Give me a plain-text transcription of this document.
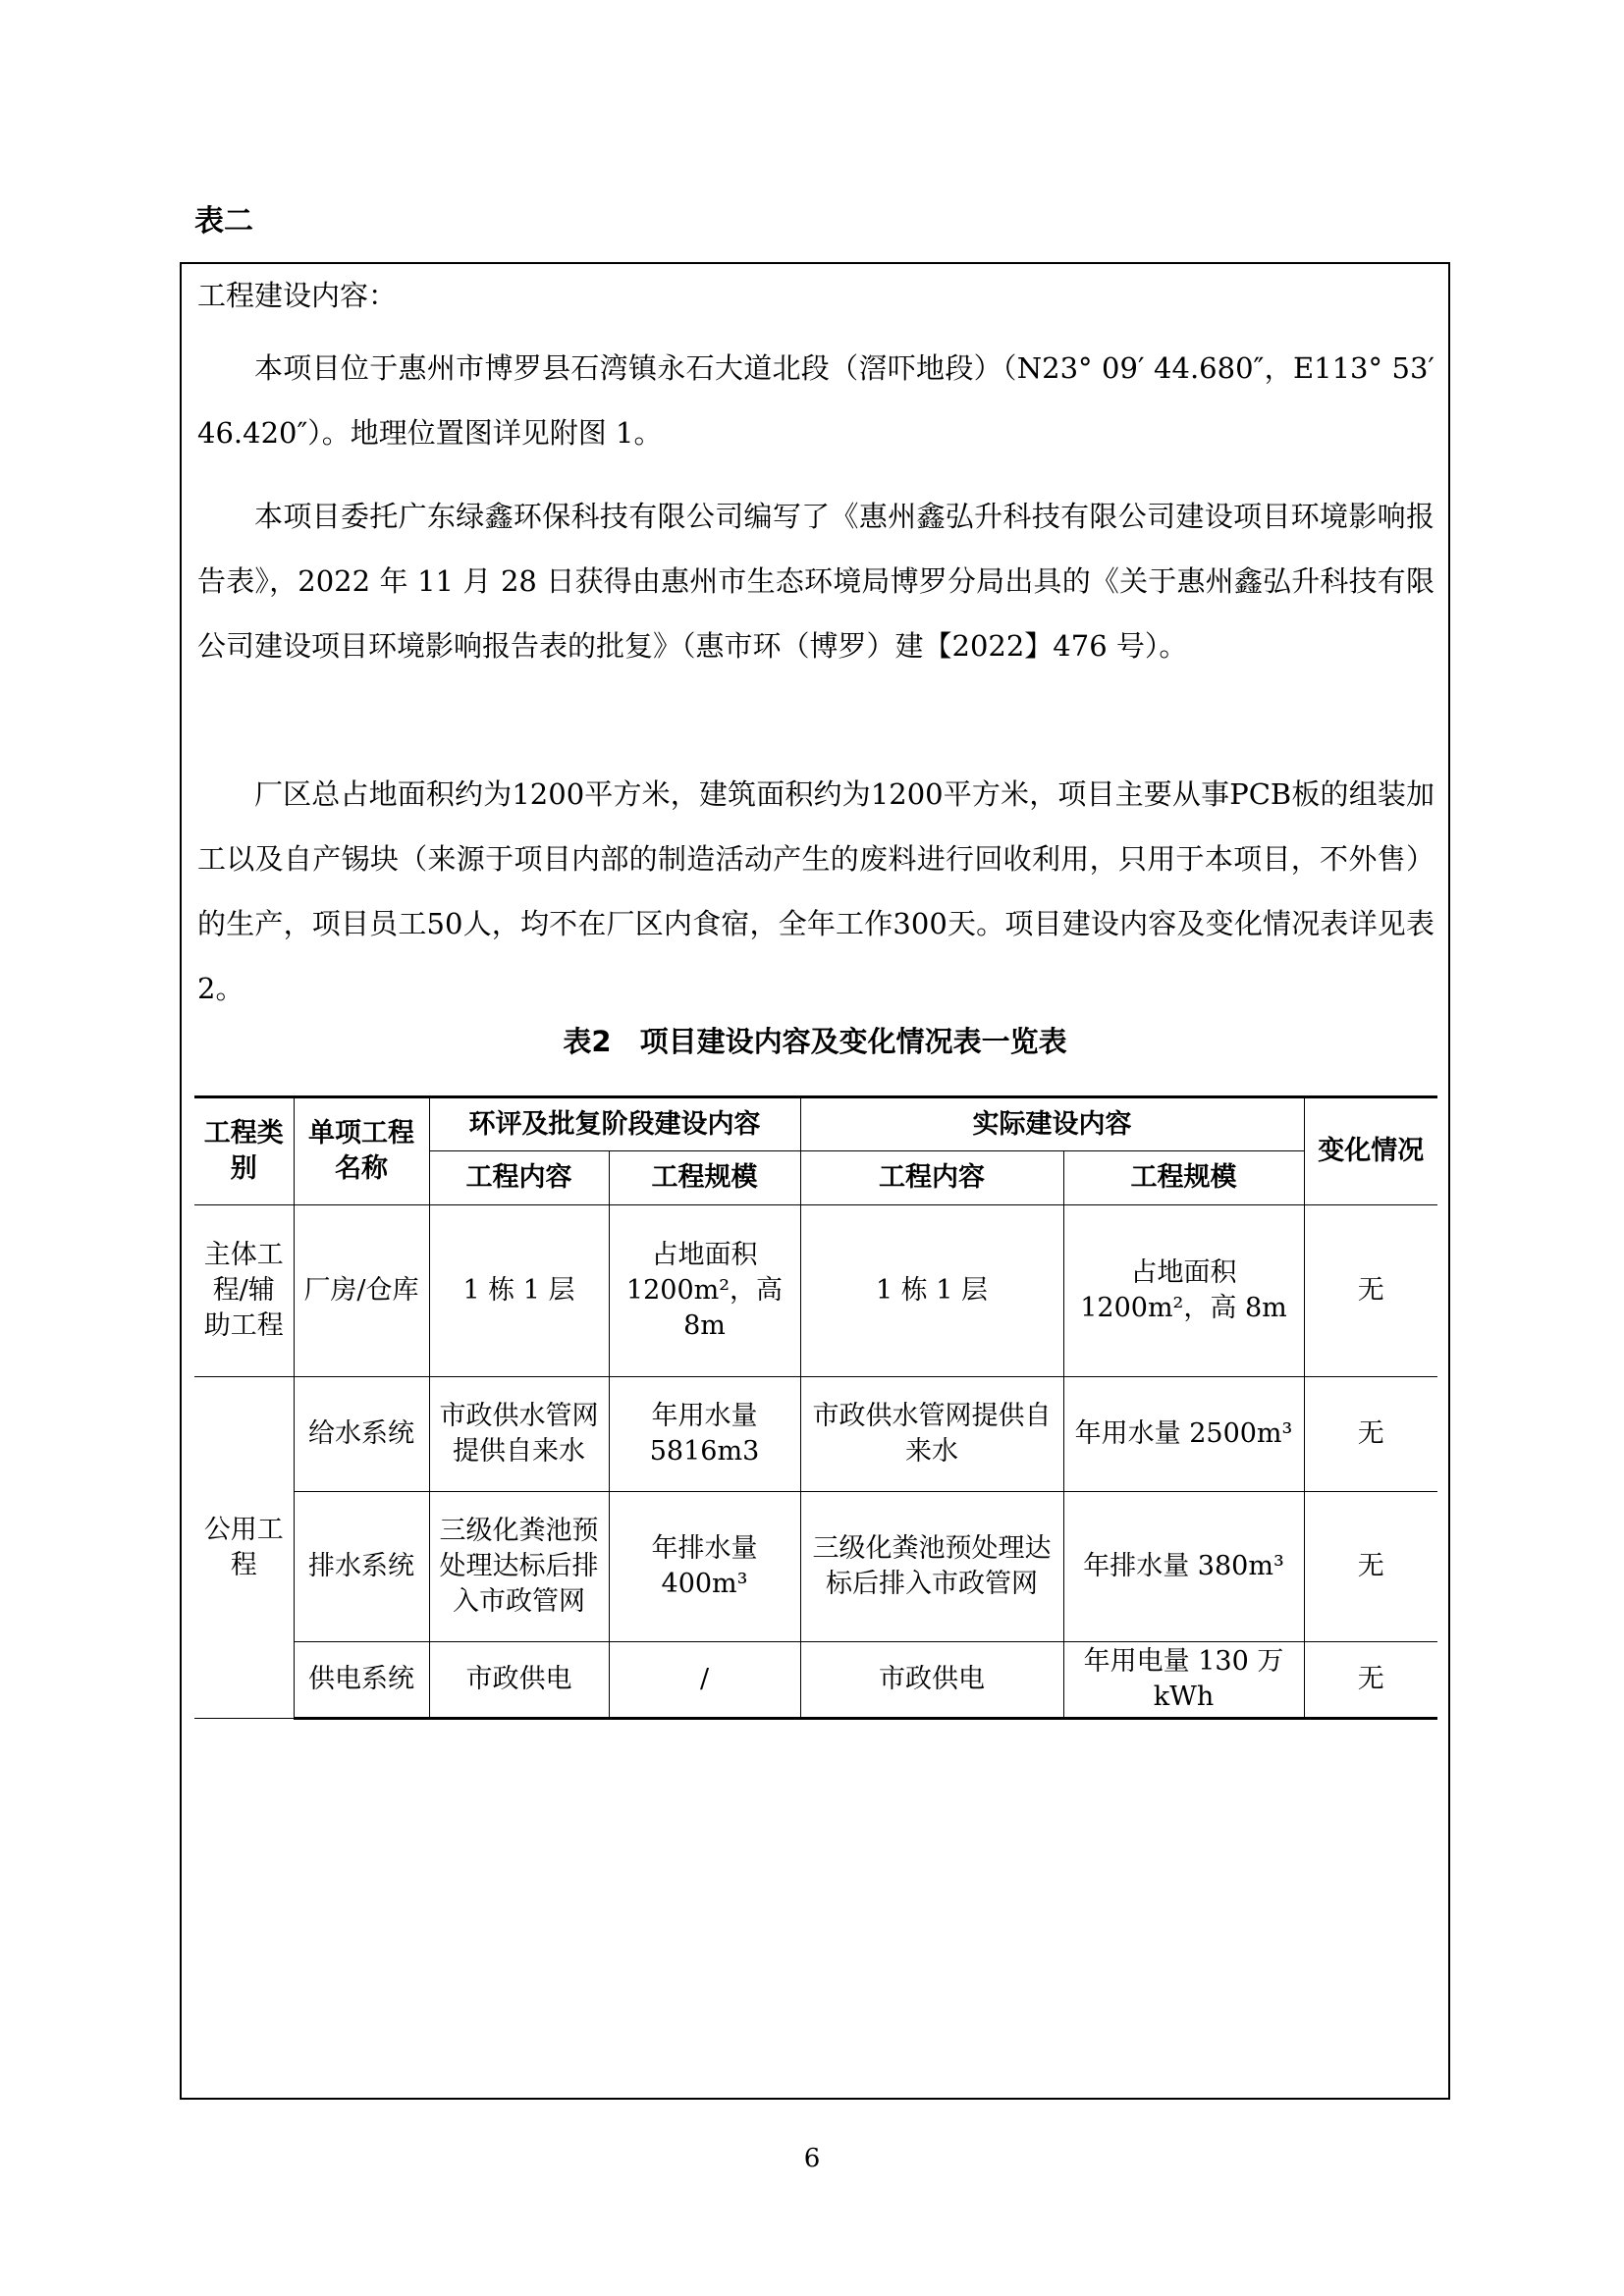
表二
工程建设内容：

本项目位于惠州市博罗县石湾镇永石大道北段（滘吓地段）（N23° 09′ 44.680″，E113° 53′ 46.420″）。地理位置图详见附图 1。

本项目委托广东绿鑫环保科技有限公司编写了《惠州鑫弘升科技有限公司建设项目环境影响报告表》，2022 年 11 月 28 日获得由惠州市生态环境局博罗分局出具的《关于惠州鑫弘升科技有限公司建设项目环境影响报告表的批复》（惠市环（博罗）建【2022】476 号）。

厂区总占地面积约为1200平方米，建筑面积约为1200平方米，项目主要从事PCB板的组装加工以及自产锡块（来源于项目内部的制造活动产生的废料进行回收利用，只用于本项目，不外售）的生产，项目员工50人，均不在厂区内食宿，全年工作300天。项目建设内容及变化情况表详见表2。

表2　项目建设内容及变化情况表一览表
工程类别	单项工程名称	环评及批复阶段建设内容		实际建设内容		变化情况
		工程内容	工程规模	工程内容	工程规模	
主体工程/辅助工程	厂房/仓库	1 栋 1 层	占地面积1200m²，高8m	1 栋 1 层	占地面积1200m²，高 8m	无
公用工程	给水系统	市政供水管网提供自来水	年用水量5816m3	市政供水管网提供自来水	年用水量 2500m³	无
	排水系统	三级化粪池预处理达标后排入市政管网	年排水量400m³	三级化粪池预处理达标后排入市政管网	年排水量 380m³	无
	供电系统	市政供电	/	市政供电	年用电量 130 万 kWh	无
6
